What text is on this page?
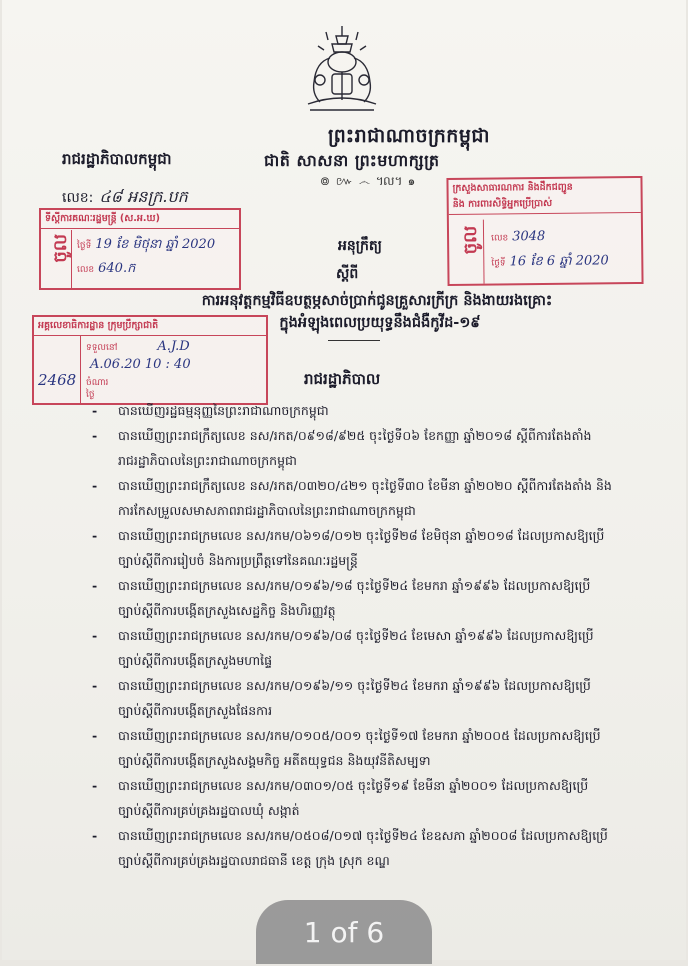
ព្រះរាជាណាចក្រកម្ពុជា
រាជរដ្ឋាភិបាលកម្ពុជា	ជាតិ សាសនា ព្រះមហាក្សត្រ
៙ ៚ ෴ ៘ ๑
លេខ: ៤៨ អនក្រ.បក
ទីស្ដីការគណៈរដ្ឋមន្ត្រី (ស.អ.ឃ)
ចូល ថ្ងៃទី 19 ខែ មិថុនា ឆ្នាំ 2020
លេខ 640.ក
ក្រសួងសាធារណការ និងដឹកជញ្ជូន
និង ការពារសិទ្ធិអ្នកប្រើប្រាស់
ចូល	លេខ 3048
ថ្ងៃទី 16 ខែ 6 ឆ្នាំ 2020
អគ្គលេខាធិការដ្ឋាន ក្រុមប្រឹក្សាជាតិ
ទទួលនៅ	A.J.D
A.06.20 10 : 40
2468 ចំណារ
ថ្ងៃ
អនុក្រឹត្យ
ស្ដីពី
ការអនុវត្តកម្មវិធីឧបត្ថម្ភសាច់ប្រាក់ជូនគ្រួសារក្រីក្រ និងងាយរងគ្រោះ
ក្នុងអំឡុងពេលប្រយុទ្ធនឹងជំងឺកូវីដ-១៩
រាជរដ្ឋាភិបាល
- បានឃើញរដ្ឋធម្មនុញ្ញនៃព្រះរាជាណាចក្រកម្ពុជា
- បានឃើញព្រះរាជក្រឹត្យលេខ នស/រកត/០៩១៨/៩២៥ ចុះថ្ងៃទី០៦ ខែកញ្ញា ឆ្នាំ២០១៨ ស្ដីពីការតែងតាំង
រាជរដ្ឋាភិបាលនៃព្រះរាជាណាចក្រកម្ពុជា
- បានឃើញព្រះរាជក្រឹត្យលេខ នស/រកត/០៣២០/៤២១ ចុះថ្ងៃទី៣០ ខែមីនា ឆ្នាំ២០២០ ស្ដីពីការតែងតាំង និង
ការកែសម្រួលសមាសភាពរាជរដ្ឋាភិបាលនៃព្រះរាជាណាចក្រកម្ពុជា
- បានឃើញព្រះរាជក្រមលេខ នស/រកម/០៦១៨/០១២ ចុះថ្ងៃទី២៨ ខែមិថុនា ឆ្នាំ២០១៨ ដែលប្រកាសឱ្យប្រើ
ច្បាប់ស្ដីពីការរៀបចំ និងការប្រព្រឹត្តទៅនៃគណៈរដ្ឋមន្ត្រី
- បានឃើញព្រះរាជក្រមលេខ នស/រកម/០១៩៦/១៨ ចុះថ្ងៃទី២៤ ខែមករា ឆ្នាំ១៩៩៦ ដែលប្រកាសឱ្យប្រើ
ច្បាប់ស្ដីពីការបង្កើតក្រសួងសេដ្ឋកិច្ច និងហិរញ្ញវត្ថុ
- បានឃើញព្រះរាជក្រមលេខ នស/រកម/០១៩៦/០៨ ចុះថ្ងៃទី២៤ ខែមេសា ឆ្នាំ១៩៩៦ ដែលប្រកាសឱ្យប្រើ
ច្បាប់ស្ដីពីការបង្កើតក្រសួងមហាផ្ទៃ
- បានឃើញព្រះរាជក្រមលេខ នស/រកម/០១៩៦/១១ ចុះថ្ងៃទី២៤ ខែមករា ឆ្នាំ១៩៩៦ ដែលប្រកាសឱ្យប្រើ
ច្បាប់ស្ដីពីការបង្កើតក្រសួងផែនការ
- បានឃើញព្រះរាជក្រមលេខ នស/រកម/០១០៥/០០១ ចុះថ្ងៃទី១៧ ខែមករា ឆ្នាំ២០០៥ ដែលប្រកាសឱ្យប្រើ
ច្បាប់ស្ដីពីការបង្កើតក្រសួងសង្គមកិច្ច អតីតយុទ្ធជន និងយុវនីតិសម្បទា
- បានឃើញព្រះរាជក្រមលេខ នស/រកម/០៣០១/០៥ ចុះថ្ងៃទី១៩ ខែមីនា ឆ្នាំ២០០១ ដែលប្រកាសឱ្យប្រើ
ច្បាប់ស្ដីពីការគ្រប់គ្រងរដ្ឋបាលឃុំ សង្កាត់
- បានឃើញព្រះរាជក្រមលេខ នស/រកម/០៥០៨/០១៧ ចុះថ្ងៃទី២៤ ខែឧសភា ឆ្នាំ២០០៨ ដែលប្រកាសឱ្យប្រើ
ច្បាប់ស្ដីពីការគ្រប់គ្រងរដ្ឋបាលរាជធានី ខេត្ត ក្រុង ស្រុក ខណ្ឌ
1 of 6
